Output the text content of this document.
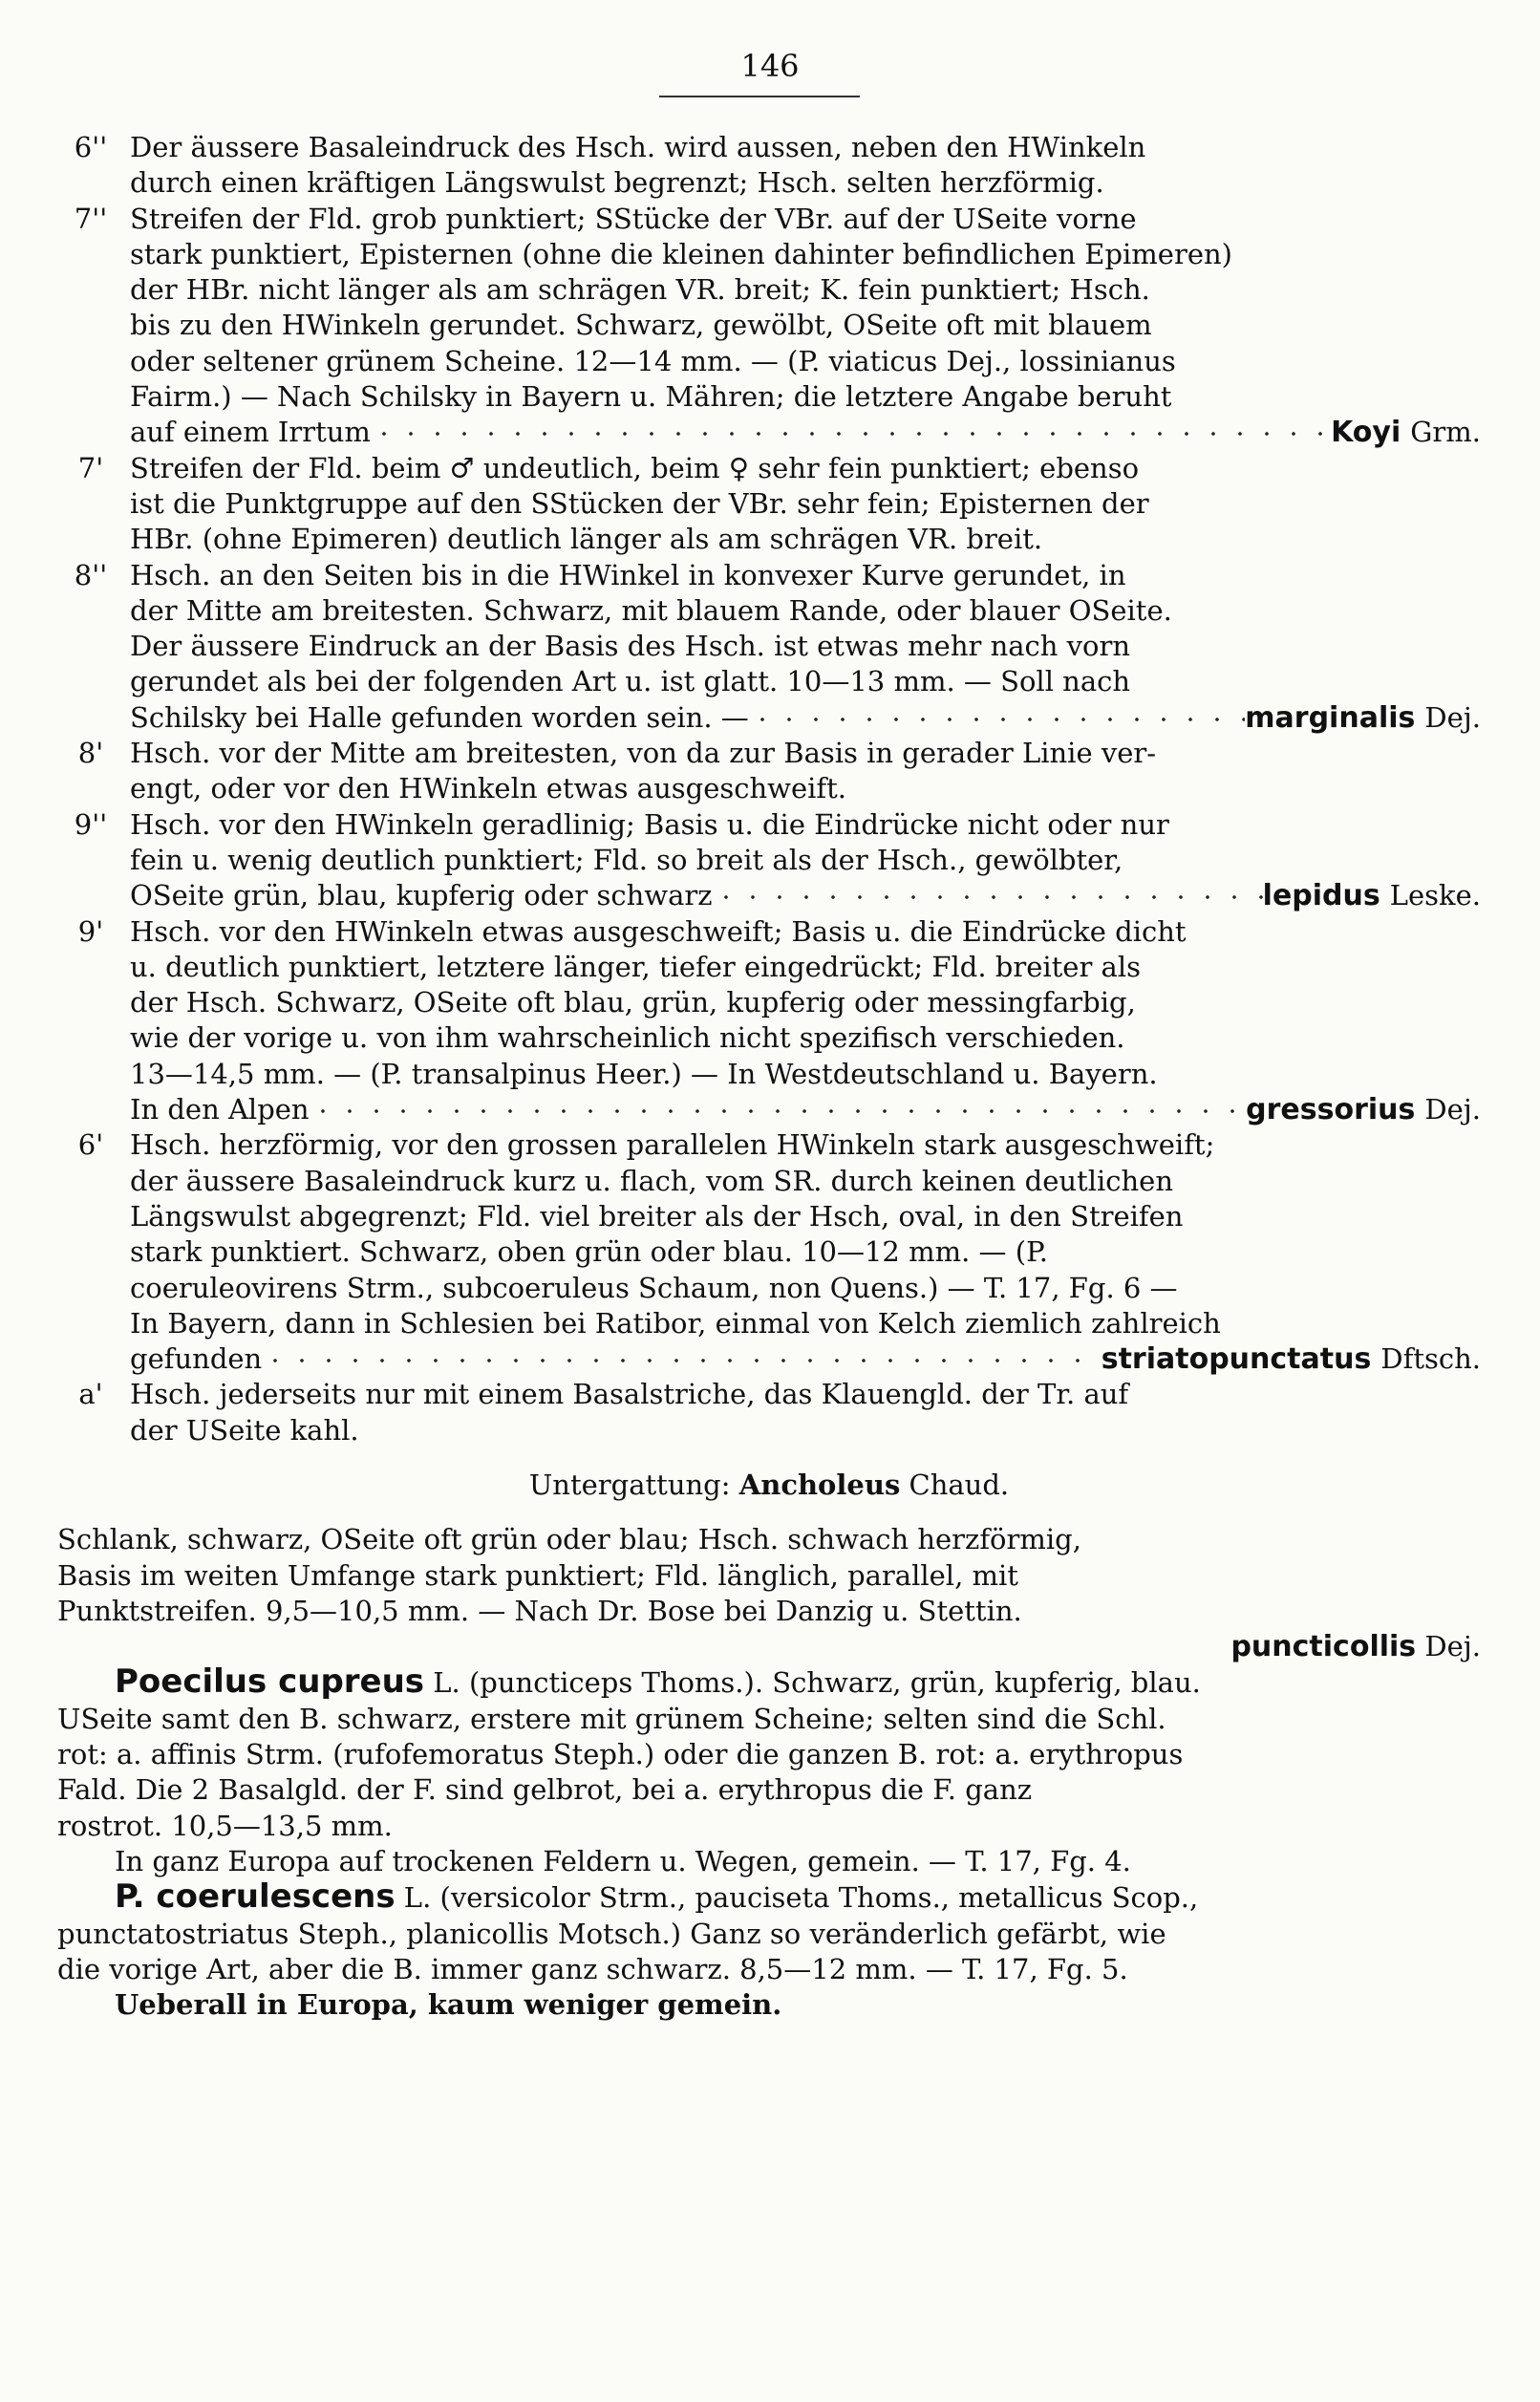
146
6'' Der äussere Basaleindruck des Hsch. wird aussen, neben den HWinkeln

durch einen kräftigen Längswulst begrenzt; Hsch. selten herzförmig.

7'' Streifen der Fld. grob punktiert; SStücke der VBr. auf der USeite vorne

stark punktiert, Episternen (ohne die kleinen dahinter befindlichen Epimeren)

der HBr. nicht länger als am schrägen VR. breit; K. fein punktiert; Hsch.

bis zu den HWinkeln gerundet. Schwarz, gewölbt, OSeite oft mit blauem

oder seltener grünem Scheine. 12—14 mm. — (P. viaticus Dej., lossinianus

Fairm.) — Nach Schilsky in Bayern u. Mähren; die letztere Angabe beruht

auf einem Irrtum	Koyi Grm.

7' Streifen der Fld. beim ♂ undeutlich, beim ♀ sehr fein punktiert; ebenso

ist die Punktgruppe auf den SStücken der VBr. sehr fein; Episternen der

HBr. (ohne Epimeren) deutlich länger als am schrägen VR. breit.

8'' Hsch. an den Seiten bis in die HWinkel in konvexer Kurve gerundet, in

der Mitte am breitesten. Schwarz, mit blauem Rande, oder blauer OSeite.

Der äussere Eindruck an der Basis des Hsch. ist etwas mehr nach vorn

gerundet als bei der folgenden Art u. ist glatt. 10—13 mm. — Soll nach

Schilsky bei Halle gefunden worden sein. —	marginalis Dej.

8' Hsch. vor der Mitte am breitesten, von da zur Basis in gerader Linie ver-

engt, oder vor den HWinkeln etwas ausgeschweift.

9'' Hsch. vor den HWinkeln geradlinig; Basis u. die Eindrücke nicht oder nur

fein u. wenig deutlich punktiert; Fld. so breit als der Hsch., gewölbter,

OSeite grün, blau, kupferig oder schwarz	lepidus Leske.

9' Hsch. vor den HWinkeln etwas ausgeschweift; Basis u. die Eindrücke dicht

u. deutlich punktiert, letztere länger, tiefer eingedrückt; Fld. breiter als

der Hsch. Schwarz, OSeite oft blau, grün, kupferig oder messingfarbig,

wie der vorige u. von ihm wahrscheinlich nicht spezifisch verschieden.

13—14,5 mm. — (P. transalpinus Heer.) — In Westdeutschland u. Bayern.

In den Alpen	gressorius Dej.

6' Hsch. herzförmig, vor den grossen parallelen HWinkeln stark ausgeschweift;

der äussere Basaleindruck kurz u. flach, vom SR. durch keinen deutlichen

Längswulst abgegrenzt; Fld. viel breiter als der Hsch, oval, in den Streifen

stark punktiert. Schwarz, oben grün oder blau. 10—12 mm. — (P.

coeruleovirens Strm., subcoeruleus Schaum, non Quens.) — T. 17, Fg. 6 —

In Bayern, dann in Schlesien bei Ratibor, einmal von Kelch ziemlich zahlreich

gefunden	striatopunctatus Dftsch.

a' Hsch. jederseits nur mit einem Basalstriche, das Klauengld. der Tr. auf

der USeite kahl.

Untergattung: Ancholeus Chaud.

Schlank, schwarz, OSeite oft grün oder blau; Hsch. schwach herzförmig,

Basis im weiten Umfange stark punktiert; Fld. länglich, parallel, mit

Punktstreifen. 9,5—10,5 mm. — Nach Dr. Bose bei Danzig u. Stettin.

puncticollis Dej.

Poecilus cupreus L. (puncticeps Thoms.). Schwarz, grün, kupferig, blau.

USeite samt den B. schwarz, erstere mit grünem Scheine; selten sind die Schl.

rot: a. affinis Strm. (rufofemoratus Steph.) oder die ganzen B. rot: a. erythropus

Fald. Die 2 Basalgld. der F. sind gelbrot, bei a. erythropus die F. ganz

rostrot. 10,5—13,5 mm.

In ganz Europa auf trockenen Feldern u. Wegen, gemein. — T. 17, Fg. 4.

P. coerulescens L. (versicolor Strm., pauciseta Thoms., metallicus Scop.,

punctatostriatus Steph., planicollis Motsch.) Ganz so veränderlich gefärbt, wie

die vorige Art, aber die B. immer ganz schwarz. 8,5—12 mm. — T. 17, Fg. 5.

Ueberall in Europa, kaum weniger gemein.
